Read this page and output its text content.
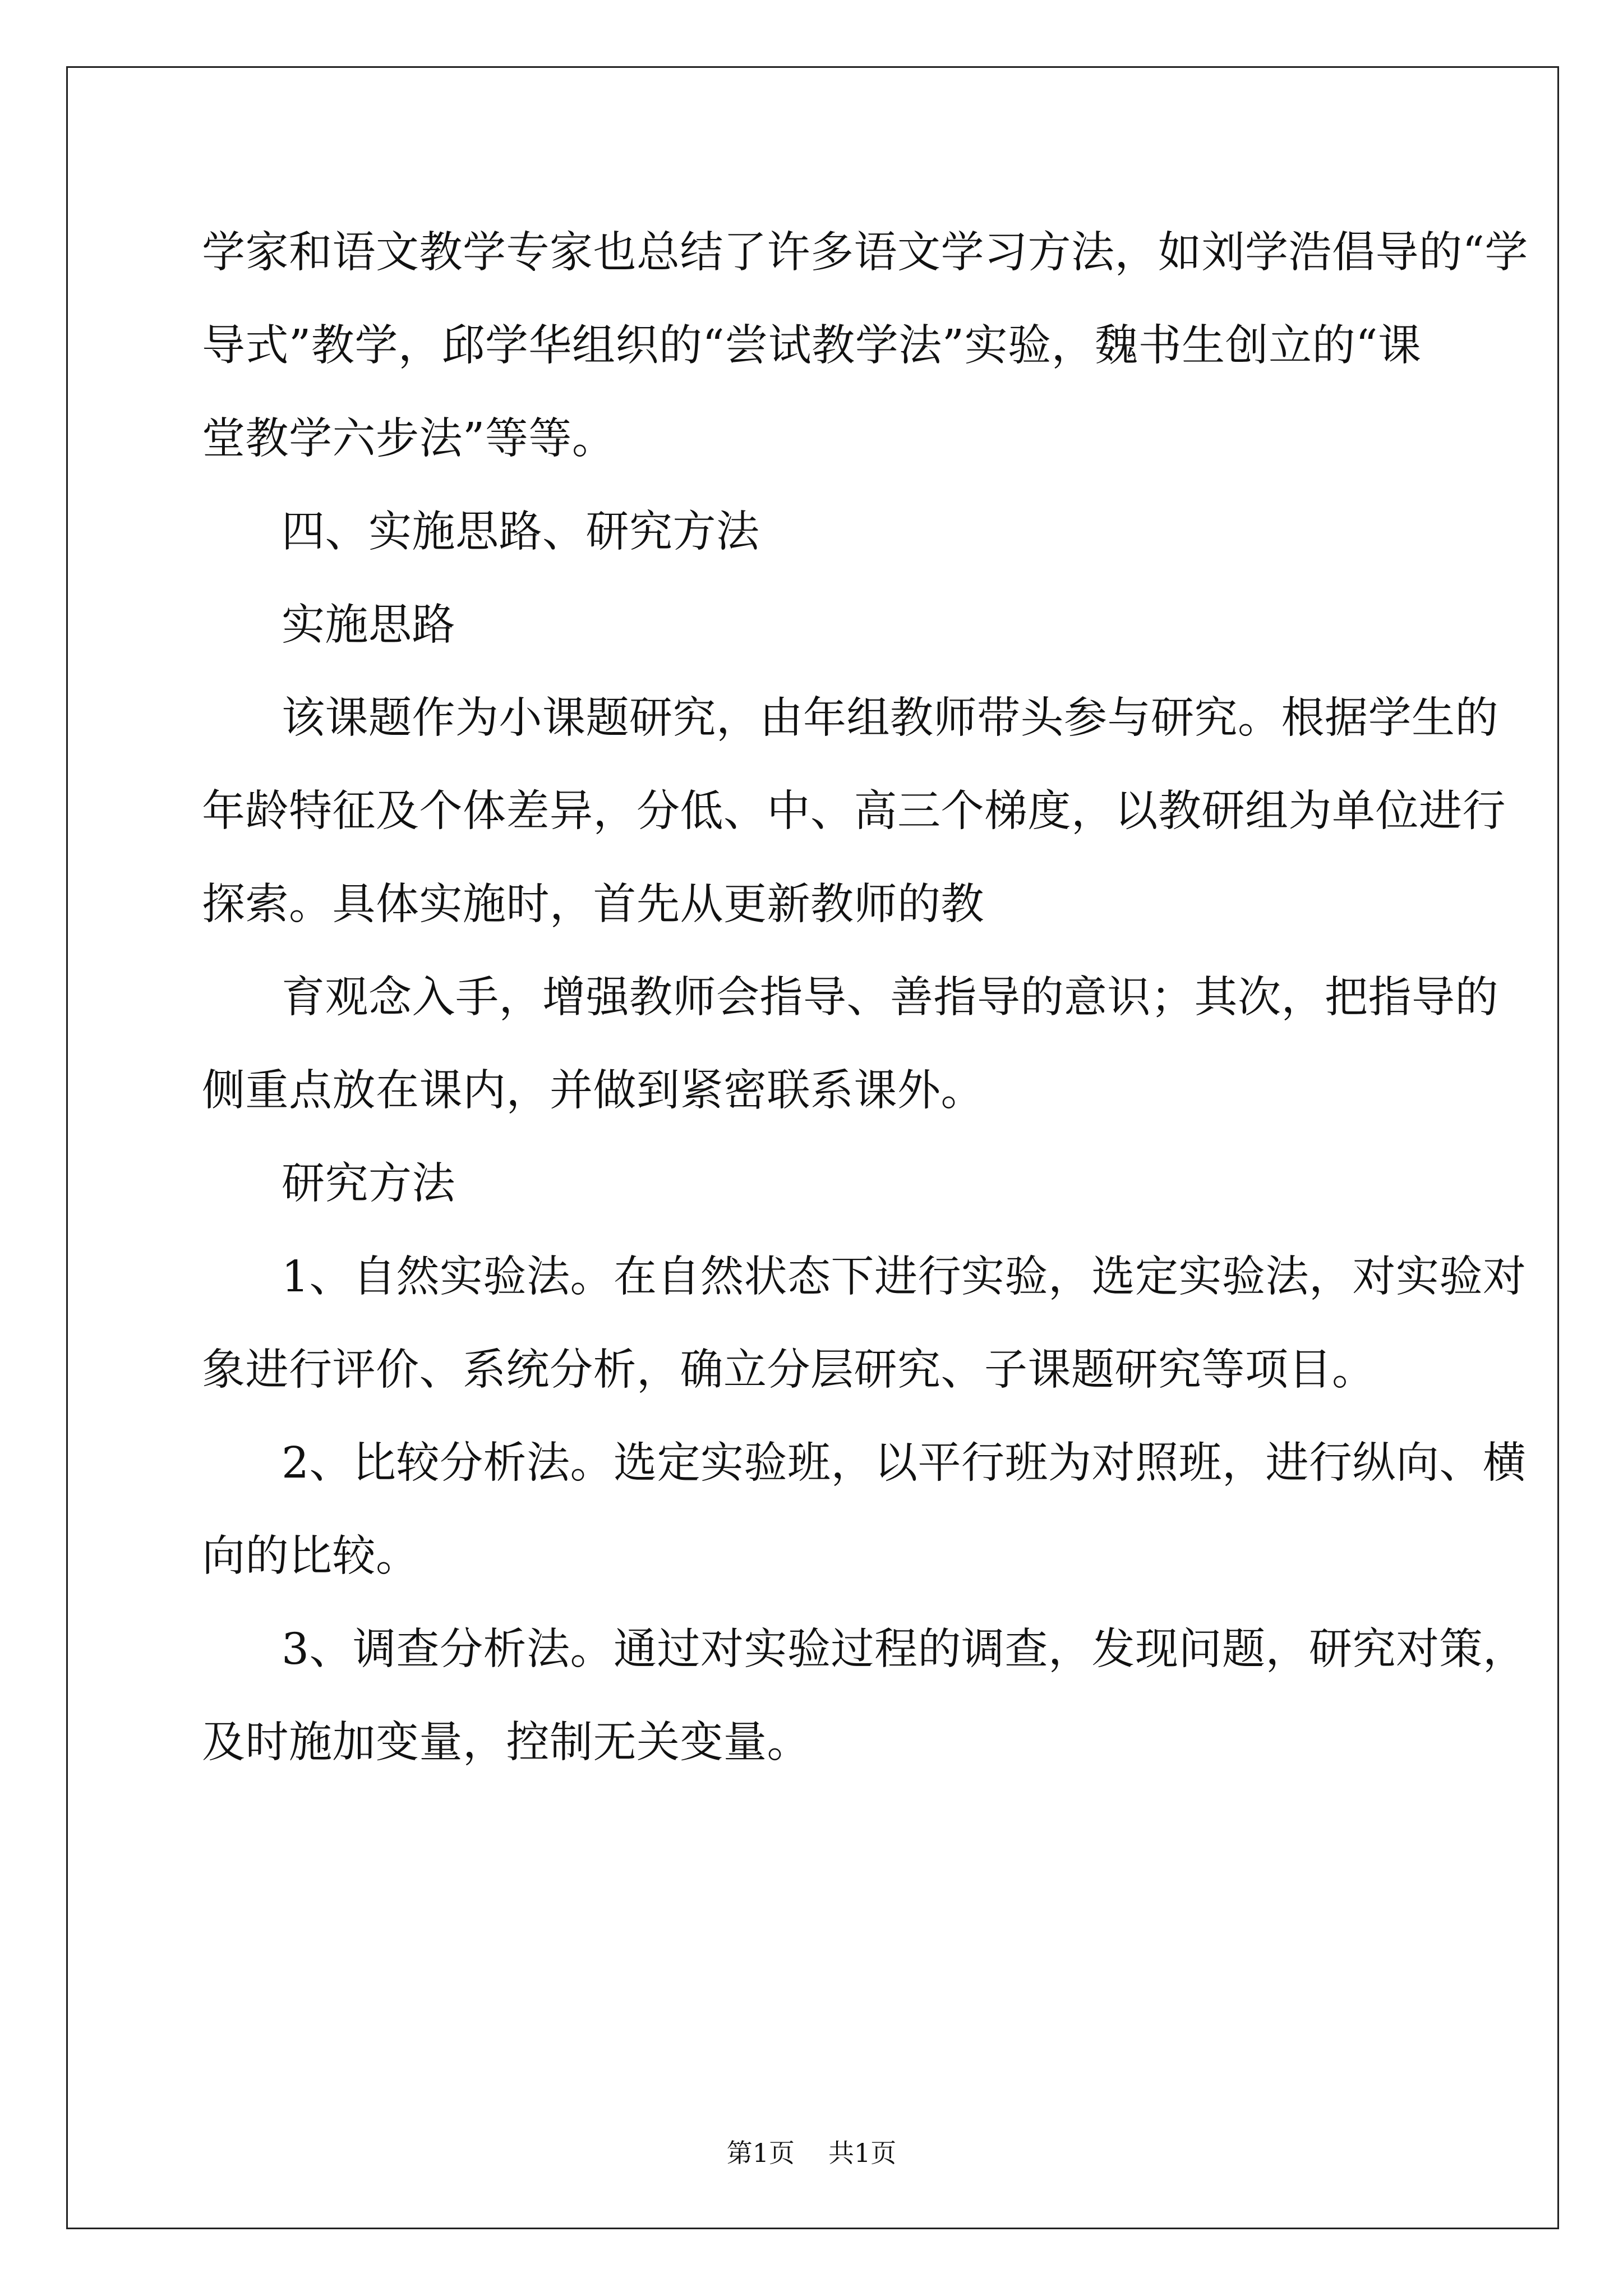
学家和语文教学专家也总结了许多语文学习方法，如刘学浩倡导的“学
导式”教学，邱学华组织的“尝试教学法”实验，魏书生创立的“课
堂教学六步法”等等。
四、实施思路、研究方法
实施思路
该课题作为小课题研究，由年组教师带头参与研究。根据学生的
年龄特征及个体差异，分低、中、高三个梯度，以教研组为单位进行
探索。具体实施时，首先从更新教师的教
育观念入手，增强教师会指导、善指导的意识；其次，把指导的
侧重点放在课内，并做到紧密联系课外。
研究方法
1、自然实验法。在自然状态下进行实验，选定实验法，对实验对
象进行评价、系统分析，确立分层研究、子课题研究等项目。
2、比较分析法。选定实验班，以平行班为对照班，进行纵向、横
向的比较。
3、调查分析法。通过对实验过程的调查，发现问题，研究对策，
及时施加变量，控制无关变量。
第1页 共1页
